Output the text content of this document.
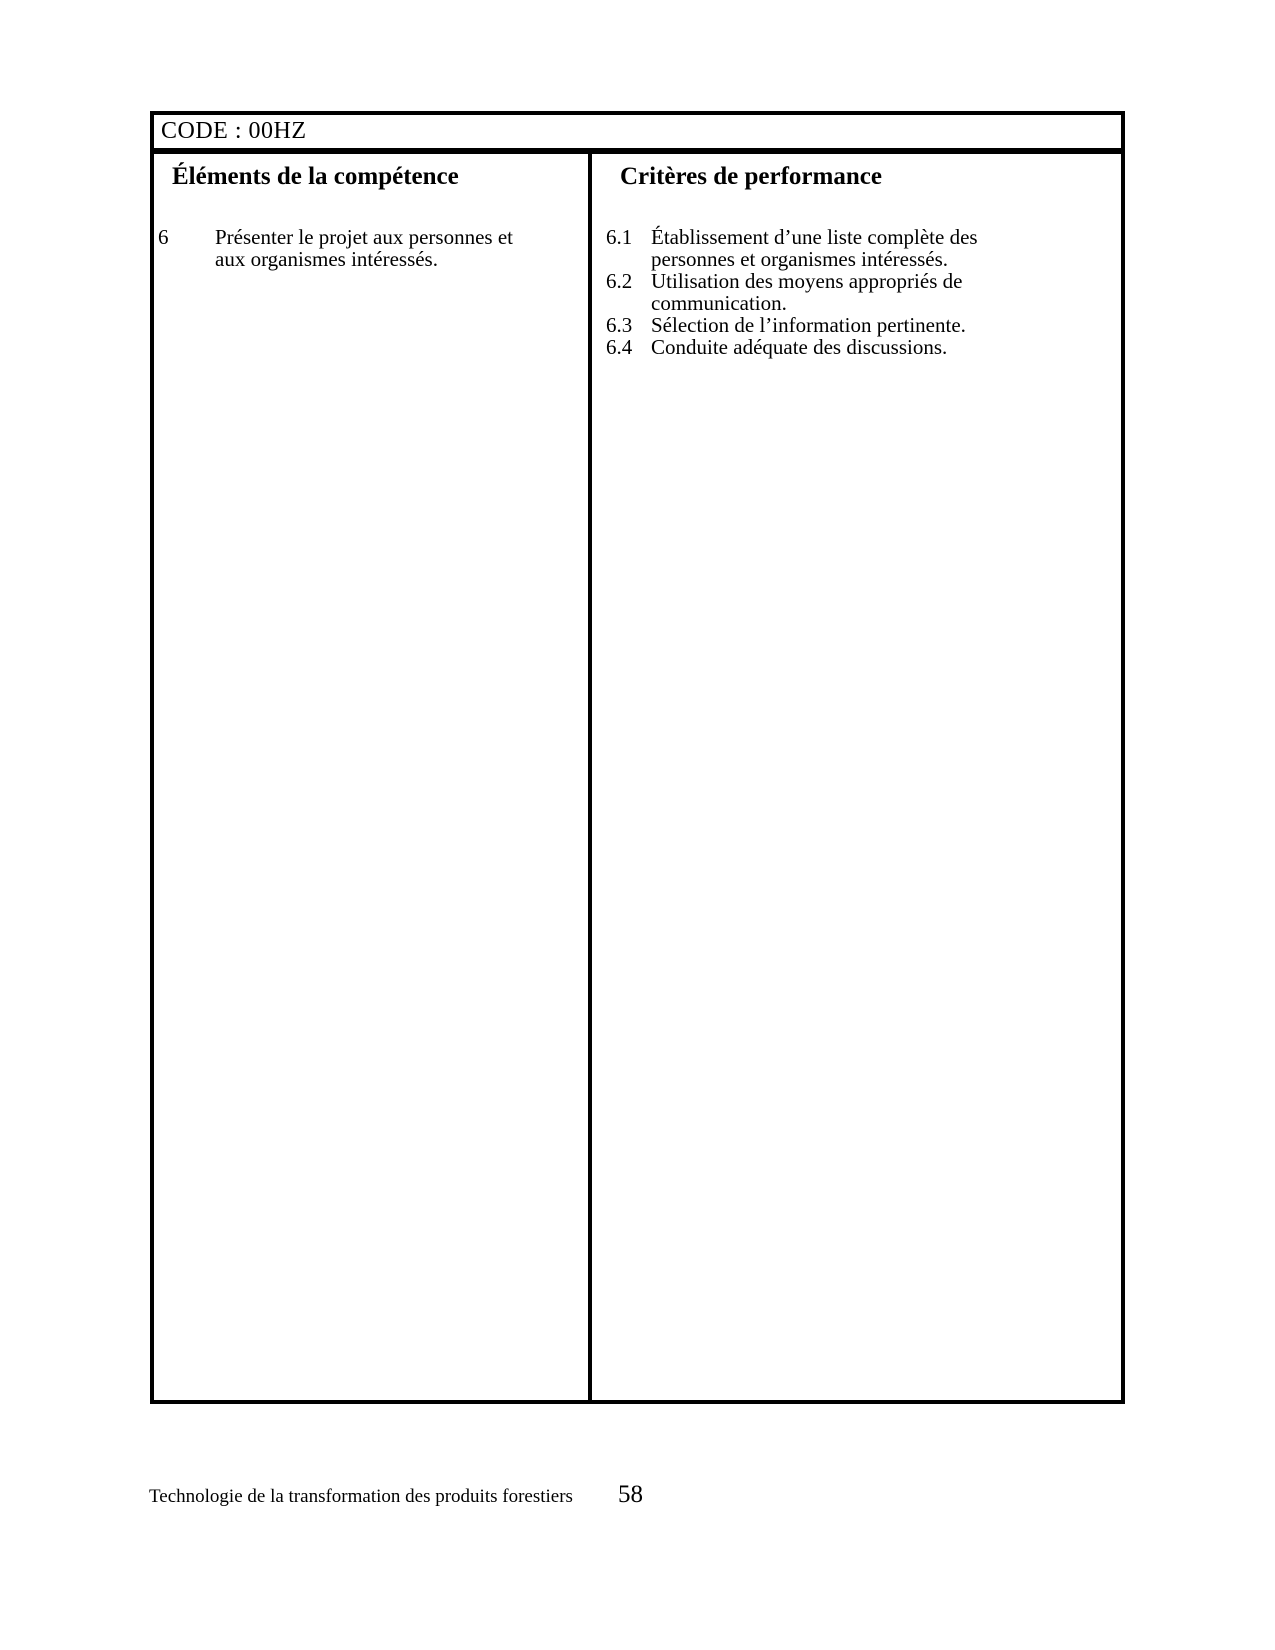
CODE : 00HZ
Éléments de la compétence
6	Présenter le projet aux personnes et
aux organismes intéressés.
Critères de performance
6.1 Établissement d’une liste complète des
personnes et organismes intéressés.
6.2 Utilisation des moyens appropriés de
communication.
6.3 Sélection de l’information pertinente.
6.4 Conduite adéquate des discussions.
Technologie de la transformation des produits forestiers 58
